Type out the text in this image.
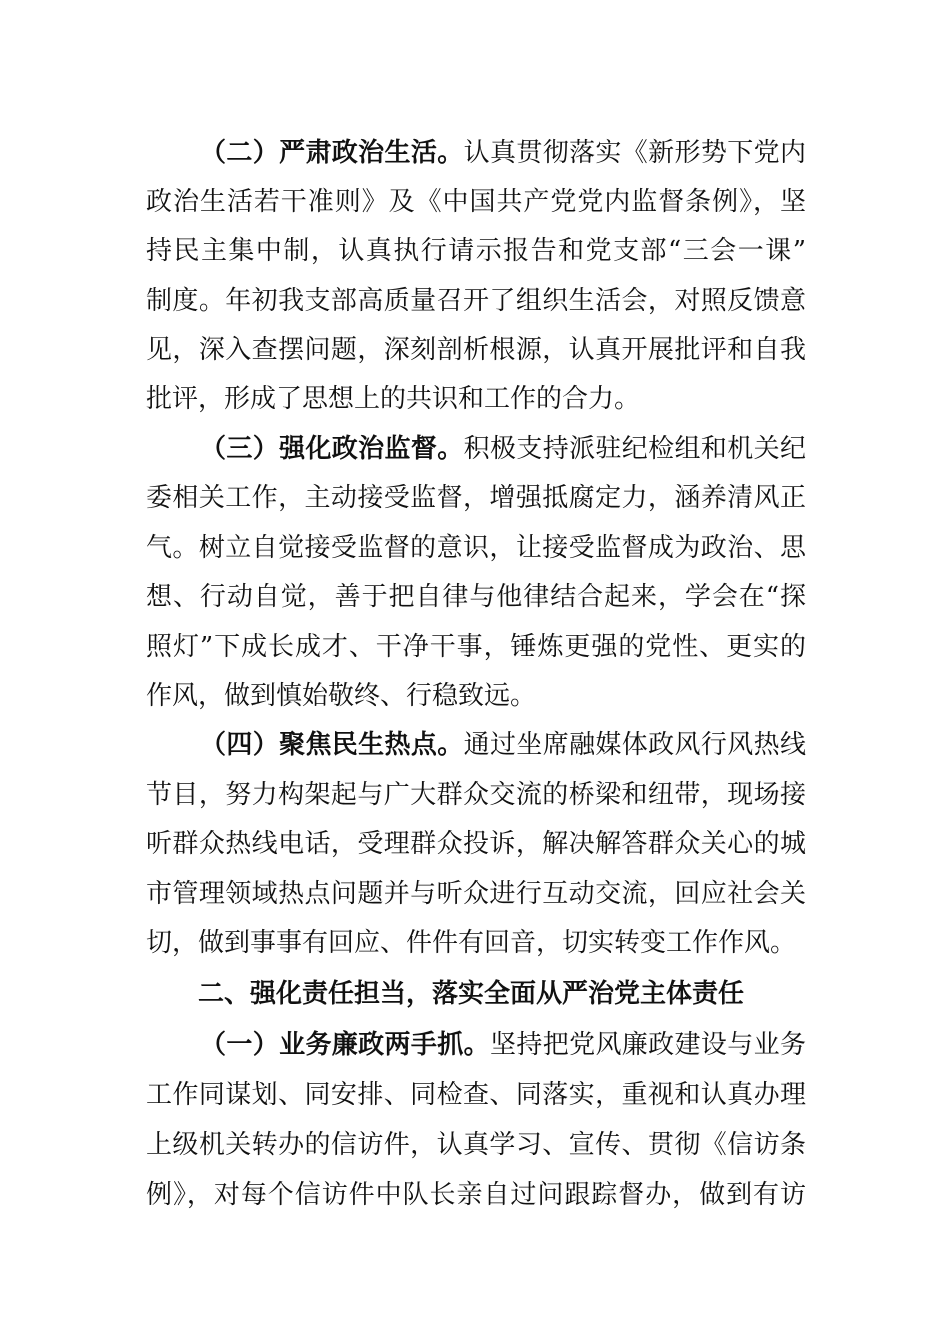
（二）严肃政治生活。认真贯彻落实《新形势下党内
政治生活若干准则》及《中国共产党党内监督条例》，坚
持民主集中制，认真执行请示报告和党支部“三会一课”
制度。年初我支部高质量召开了组织生活会，对照反馈意
见，深入查摆问题，深刻剖析根源，认真开展批评和自我
批评，形成了思想上的共识和工作的合力。
（三）强化政治监督。积极支持派驻纪检组和机关纪
委相关工作，主动接受监督，增强抵腐定力，涵养清风正
气。树立自觉接受监督的意识，让接受监督成为政治、思
想、行动自觉，善于把自律与他律结合起来，学会在“探
照灯”下成长成才、干净干事，锤炼更强的党性、更实的
作风，做到慎始敬终、行稳致远。
（四）聚焦民生热点。通过坐席融媒体政风行风热线
节目，努力构架起与广大群众交流的桥梁和纽带，现场接
听群众热线电话，受理群众投诉，解决解答群众关心的城
市管理领域热点问题并与听众进行互动交流，回应社会关
切，做到事事有回应、件件有回音，切实转变工作作风。
二、强化责任担当，落实全面从严治党主体责任
（一）业务廉政两手抓。坚持把党风廉政建设与业务
工作同谋划、同安排、同检查、同落实，重视和认真办理
上级机关转办的信访件，认真学习、宣传、贯彻《信访条
例》，对每个信访件中队长亲自过问跟踪督办，做到有访
